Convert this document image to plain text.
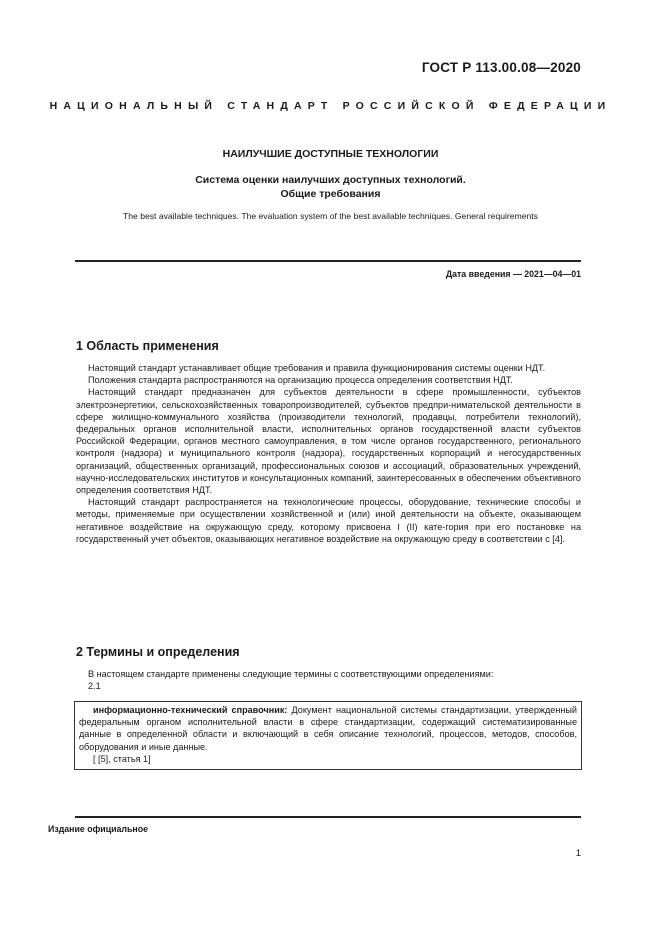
ГОСТ Р 113.00.08—2020
НАЦИОНАЛЬНЫЙ СТАНДАРТ РОССИЙСКОЙ ФЕДЕРАЦИИ
НАИЛУЧШИЕ ДОСТУПНЫЕ ТЕХНОЛОГИИ
Система оценки наилучших доступных технологий.
Общие требования
The best available techniques. The evaluation system of the best available techniques. General requirements
Дата введения — 2021—04—01
1 Область применения

Настоящий стандарт устанавливает общие требования и правила функционирования системы оценки НДТ.

Положения стандарта распространяются на организацию процесса определения соответствия НДТ.

Настоящий стандарт предназначен для субъектов деятельности в сфере промышленности, субъектов электроэнергетики, сельскохозяйственных товаропроизводителей, субъектов предпри-нимательской деятельности в сфере жилищно-коммунального хозяйства (производители технологий, продавцы, потребители технологий), федеральных органов исполнительной власти, исполнительных органов государственной власти субъектов Российской Федерации, органов местного самоуправления, в том числе органов государственного, регионального контроля (надзора) и муниципального контроля (надзора), государственных корпораций и негосударственных организаций, общественных организаций, профессиональных союзов и ассоциаций, образовательных учреждений, научно-исследовательских институтов и консультационных компаний, заинтересованных в обеспечении объективного определения соответствия НДТ.

Настоящий стандарт распространяется на технологические процессы, оборудование, технические способы и методы, применяемые при осуществлении хозяйственной и (или) иной деятельности на объекте, оказывающем негативное воздействие на окружающую среду, которому присвоена I (II) кате-гория при его постановке на государственный учет объектов, оказывающих негативное воздействие на окружающую среду в соответствии с [4].

2 Термины и определения

В настоящем стандарте применены следующие термины с соответствующими определениями:

2.1

информационно-технический справочник: Документ национальной системы стандартизации, утвержденный федеральным органом исполнительной власти в сфере стандартизации, содержащий систематизированные данные в определенной области и включающий в себя описание технологий, процессов, методов, способов, оборудования и иные данные.

[ [5], статья 1]

Издание официальное
1
